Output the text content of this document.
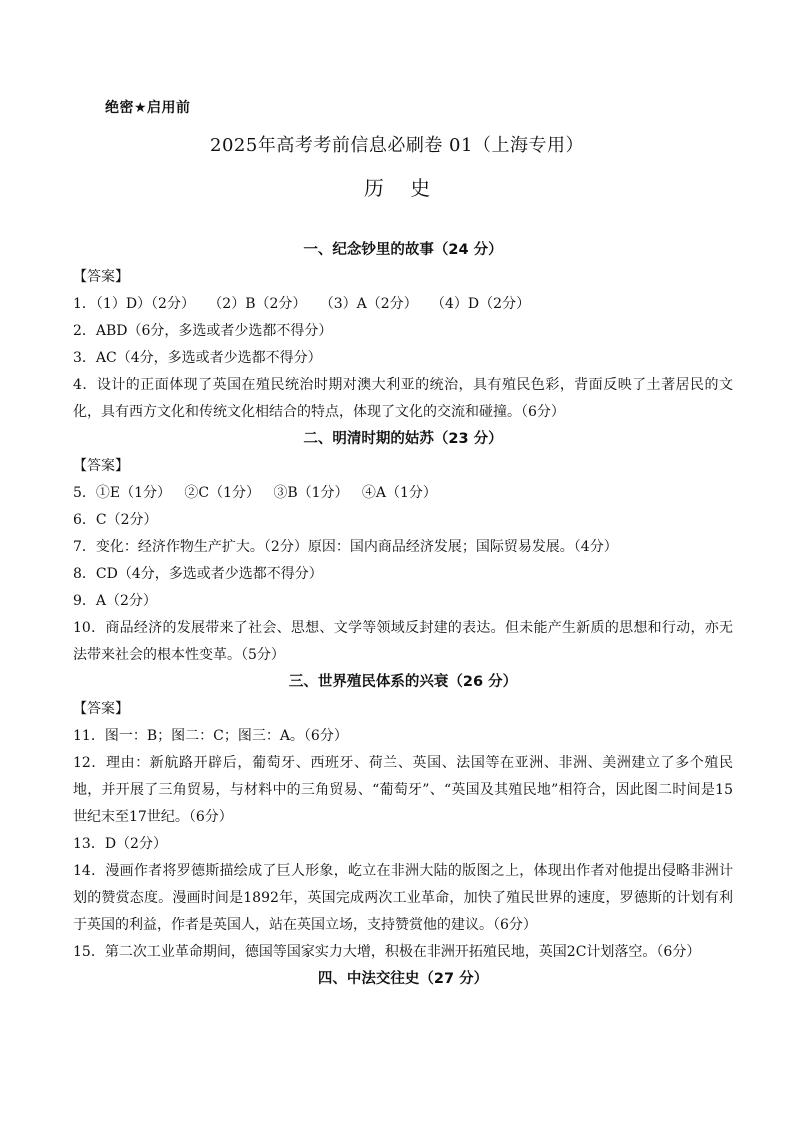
绝密★启用前
2025年高考考前信息必刷卷 01（上海专用）
历 史
一、纪念钞里的故事（24 分）
【答案】
1．（1）D）（2分）   （2）B（2分）   （3）A（2分）   （4）D（2分）
2．ABD（6分，多选或者少选都不得分）
3．AC（4分，多选或者少选都不得分）
4．设计的正面体现了英国在殖民统治时期对澳大利亚的统治，具有殖民色彩，背面反映了土著居民的文化，具有西方文化和传统文化相结合的特点，体现了文化的交流和碰撞。（6分）
二、明清时期的姑苏（23 分）
【答案】
5．①E（1分）   ②C（1分）   ③B（1分）   ④A（1分）
6．C（2分）
7．变化：经济作物生产扩大。（2分）原因：国内商品经济发展；国际贸易发展。（4分）
8．CD（4分，多选或者少选都不得分）
9．A（2分）
10．商品经济的发展带来了社会、思想、文学等领域反封建的表达。但未能产生新质的思想和行动，亦无法带来社会的根本性变革。（5分）
三、世界殖民体系的兴衰（26 分）
【答案】
11．图一：B；图二：C；图三：A。（6分）
12．理由：新航路开辟后，葡萄牙、西班牙、荷兰、英国、法国等在亚洲、非洲、美洲建立了多个殖民地，并开展了三角贸易，与材料中的三角贸易、“葡萄牙”、“英国及其殖民地”相符合，因此图二时间是15世纪末至17世纪。（6分）
13．D（2分）
14．漫画作者将罗德斯描绘成了巨人形象，屹立在非洲大陆的版图之上，体现出作者对他提出侵略非洲计划的赞赏态度。漫画时间是1892年，英国完成两次工业革命，加快了殖民世界的速度，罗德斯的计划有利于英国的利益，作者是英国人，站在英国立场，支持赞赏他的建议。（6分）
15．第二次工业革命期间，德国等国家实力大增，积极在非洲开拓殖民地，英国2C计划落空。（6分）
四、中法交往史（27 分）
